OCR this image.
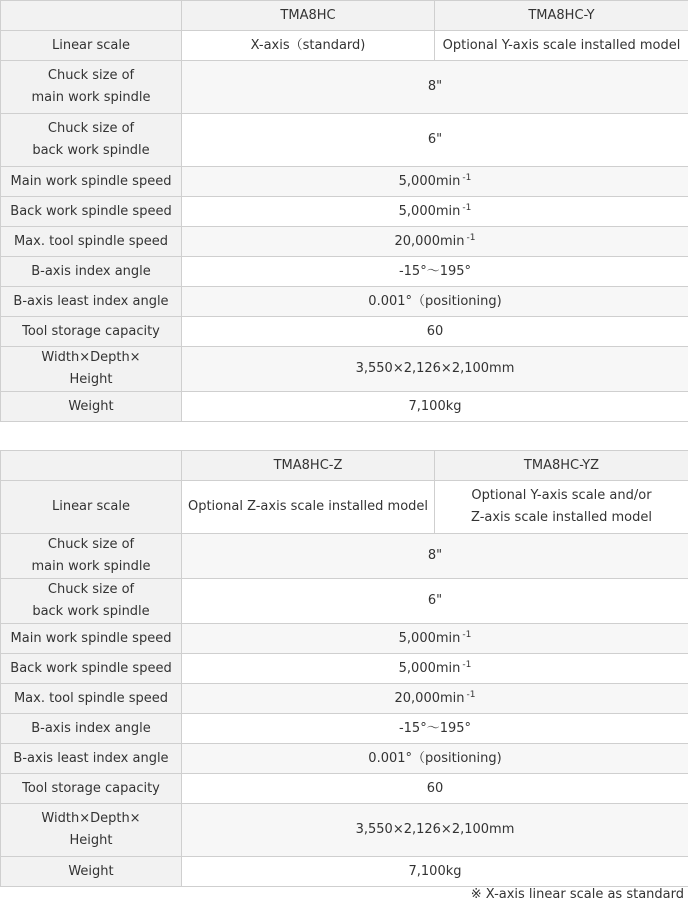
	TMA8HC	TMA8HC-Y
Linear scale	X-axis（standard)	Optional Y-axis scale installed model

Chuck size of
main work spindle	8"	

Chuck size of
back work spindle	6"	
Main work spindle speed	5,000min $^{-1}$
Back work spindle speed	5,000min $^{-1}$
Max. tool spindle speed	20,000min $^{-1}$
B-axis index angle	-15°～195°	
B-axis least index angle	0.001°（positioning)	
Tool storage capacity	60	

Width×Depth×
Height	3,550×2,126×2,100mm	
Weight	7,100kg	
	TMA8HC-Z	TMA8HC-YZ
Linear scale	Optional Z-axis scale installed model	Optional Y-axis scale and/or
Z-axis scale installed model

Chuck size of
main work spindle	8"	

Chuck size of
back work spindle	6"	
Main work spindle speed	5,000min $^{-1}$
Back work spindle speed	5,000min $^{-1}$
Max. tool spindle speed	20,000min $^{-1}$
B-axis index angle	-15°～195°	
B-axis least index angle	0.001°（positioning)	
Tool storage capacity	60	

Width×Depth×
Height	3,550×2,126×2,100mm	
Weight	7,100kg	
※ X-axis linear scale as standard
